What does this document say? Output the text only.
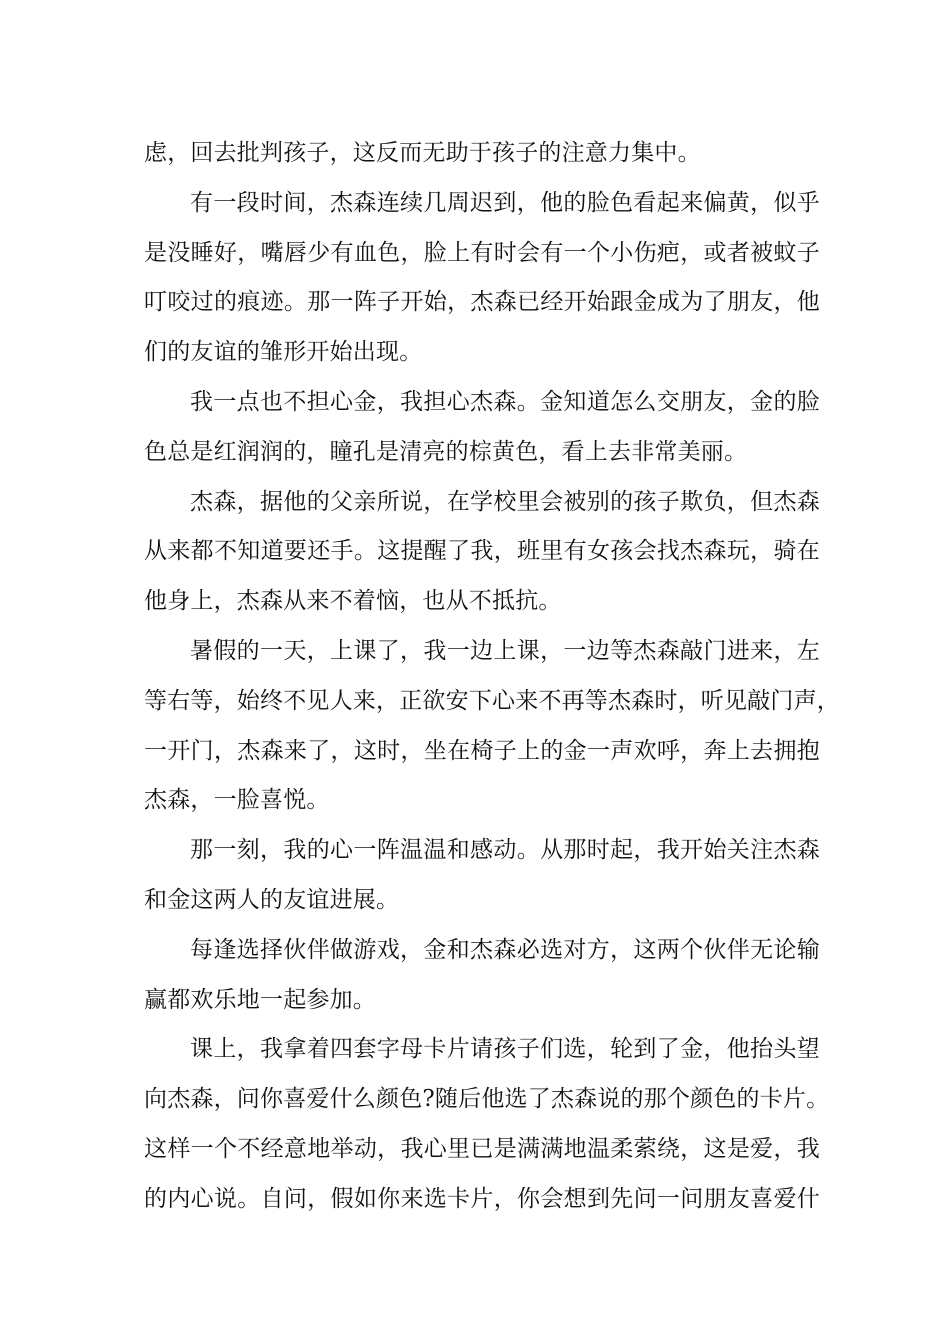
虑，回去批判孩子，这反而无助于孩子的注意力集中。
有一段时间，杰森连续几周迟到，他的脸色看起来偏黄，似乎
是没睡好，嘴唇少有血色，脸上有时会有一个小伤疤，或者被蚊子
叮咬过的痕迹。那一阵子开始，杰森已经开始跟金成为了朋友，他
们的友谊的雏形开始出现。
我一点也不担心金，我担心杰森。金知道怎么交朋友，金的脸
色总是红润润的，瞳孔是清亮的棕黄色，看上去非常美丽。
杰森，据他的父亲所说，在学校里会被别的孩子欺负，但杰森
从来都不知道要还手。这提醒了我，班里有女孩会找杰森玩，骑在
他身上，杰森从来不着恼，也从不抵抗。
暑假的一天，上课了，我一边上课，一边等杰森敲门进来，左
等右等，始终不见人来，正欲安下心来不再等杰森时，听见敲门声，
一开门，杰森来了，这时，坐在椅子上的金一声欢呼，奔上去拥抱
杰森，一脸喜悦。
那一刻，我的心一阵温温和感动。从那时起，我开始关注杰森
和金这两人的友谊进展。
每逢选择伙伴做游戏，金和杰森必选对方，这两个伙伴无论输
赢都欢乐地一起参加。
课上，我拿着四套字母卡片请孩子们选，轮到了金，他抬头望
向杰森，问你喜爱什么颜色?随后他选了杰森说的那个颜色的卡片。
这样一个不经意地举动，我心里已是满满地温柔萦绕，这是爱，我
的内心说。自问，假如你来选卡片，你会想到先问一问朋友喜爱什
